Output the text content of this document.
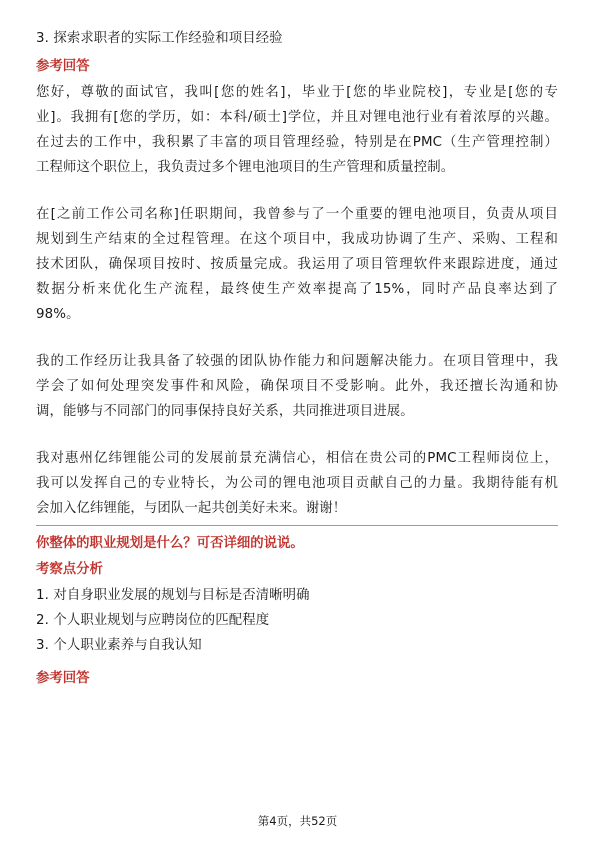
3. 探索求职者的实际工作经验和项目经验
参考回答
您好，尊敬的面试官，我叫[您的姓名]，毕业于[您的毕业院校]，专业是[您的专
业]。我拥有[您的学历，如：本科/硕士]学位，并且对锂电池行业有着浓厚的兴趣。
在过去的工作中，我积累了丰富的项目管理经验，特别是在PMC（生产管理控制）
工程师这个职位上，我负责过多个锂电池项目的生产管理和质量控制。
在[之前工作公司名称]任职期间，我曾参与了一个重要的锂电池项目，负责从项目
规划到生产结束的全过程管理。在这个项目中，我成功协调了生产、采购、工程和
技术团队，确保项目按时、按质量完成。我运用了项目管理软件来跟踪进度，通过
数据分析来优化生产流程，最终使生产效率提高了15%，同时产品良率达到了
98%。
我的工作经历让我具备了较强的团队协作能力和问题解决能力。在项目管理中，我
学会了如何处理突发事件和风险，确保项目不受影响。此外，我还擅长沟通和协
调，能够与不同部门的同事保持良好关系，共同推进项目进展。
我对惠州亿纬锂能公司的发展前景充满信心，相信在贵公司的PMC工程师岗位上，
我可以发挥自己的专业特长，为公司的锂电池项目贡献自己的力量。我期待能有机
会加入亿纬锂能，与团队一起共创美好未来。谢谢！
你整体的职业规划是什么？可否详细的说说。
考察点分析
1. 对自身职业发展的规划与目标是否清晰明确
2. 个人职业规划与应聘岗位的匹配程度
3. 个人职业素养与自我认知
参考回答
第4页，共52页
